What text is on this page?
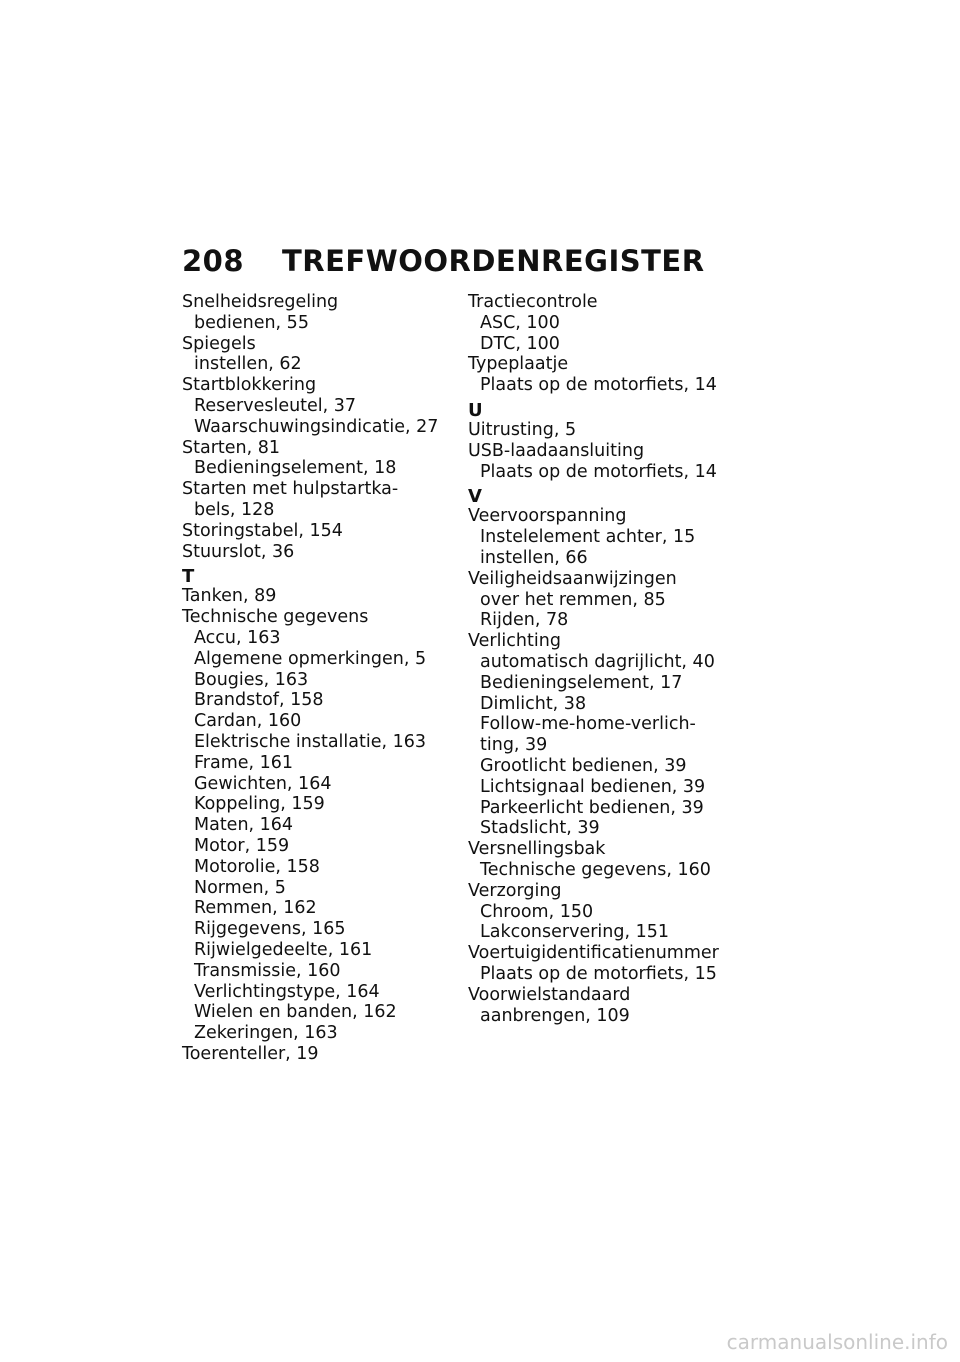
208 TREFWOORDENREGISTER
Snelheidsregeling
bedienen, 55
Spiegels
instellen, 62
Startblokkering
Reservesleutel, 37
Waarschuwingsindicatie, 27
Starten, 81
Bedieningselement, 18
Starten met hulpstartka-
bels, 128
Storingstabel, 154
Stuurslot, 36
T
Tanken, 89
Technische gegevens
Accu, 163
Algemene opmerkingen, 5
Bougies, 163
Brandstof, 158
Cardan, 160
Elektrische installatie, 163
Frame, 161
Gewichten, 164
Koppeling, 159
Maten, 164
Motor, 159
Motorolie, 158
Normen, 5
Remmen, 162
Rijgegevens, 165
Rijwielgedeelte, 161
Transmissie, 160
Verlichtingstype, 164
Wielen en banden, 162
Zekeringen, 163
Toerenteller, 19
Tractiecontrole
ASC, 100
DTC, 100
Typeplaatje
Plaats op de motorfiets, 14
U
Uitrusting, 5
USB-laadaansluiting
Plaats op de motorfiets, 14
V
Veervoorspanning
Instelelement achter, 15
instellen, 66
Veiligheidsaanwijzingen
over het remmen, 85
Rijden, 78
Verlichting
automatisch dagrijlicht, 40
Bedieningselement, 17
Dimlicht, 38
Follow-me-home-verlich-
ting, 39
Grootlicht bedienen, 39
Lichtsignaal bedienen, 39
Parkeerlicht bedienen, 39
Stadslicht, 39
Versnellingsbak
Technische gegevens, 160
Verzorging
Chroom, 150
Lakconservering, 151
Voertuigidentificatienummer
Plaats op de motorfiets, 15
Voorwielstandaard
aanbrengen, 109
carmanualsonline.info
